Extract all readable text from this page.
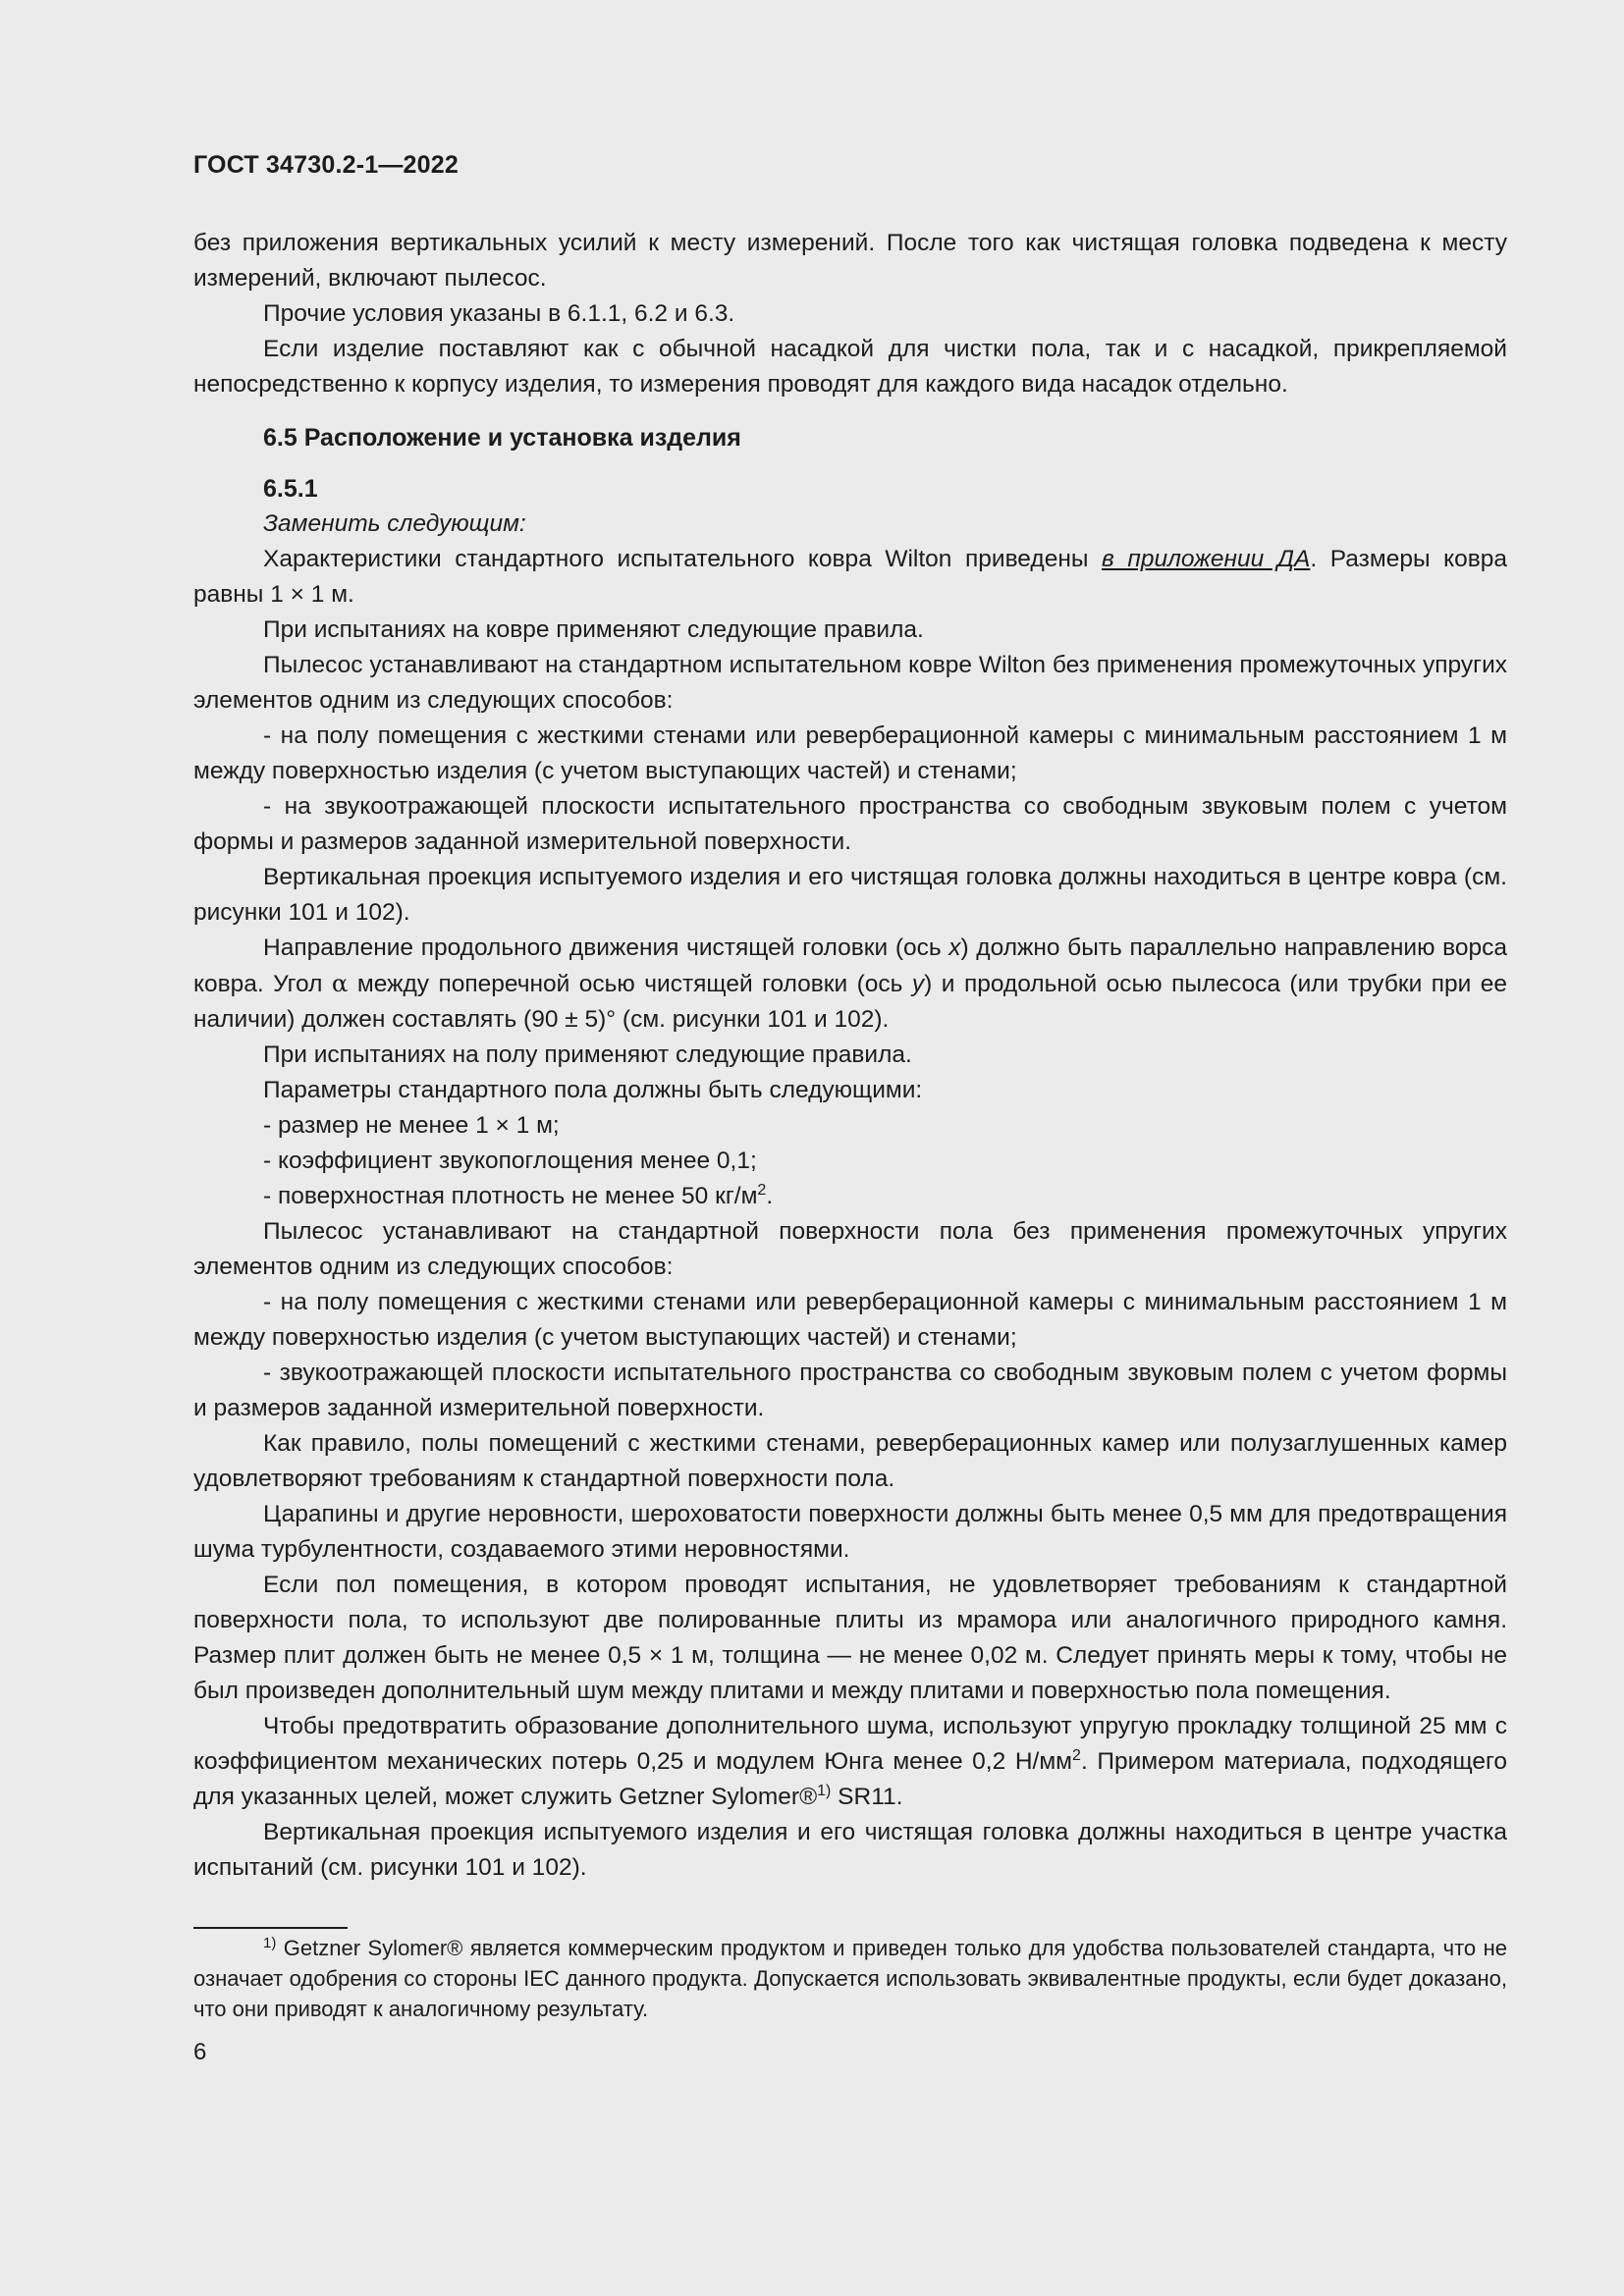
ГОСТ 34730.2-1—2022

без приложения вертикальных усилий к месту измерений. После того как чистящая головка подведена к месту измерений, включают пылесос.

Прочие условия указаны в 6.1.1, 6.2 и 6.3.

Если изделие поставляют как с обычной насадкой для чистки пола, так и с насадкой, прикрепляемой непосредственно к корпусу изделия, то измерения проводят для каждого вида насадок отдельно.

6.5 Расположение и установка изделия
6.5.1

Заменить следующим:

Характеристики стандартного испытательного ковра Wilton приведены в приложении ДА. Размеры ковра равны 1 × 1 м.

При испытаниях на ковре применяют следующие правила.

Пылесос устанавливают на стандартном испытательном ковре Wilton без применения промежуточных упругих элементов одним из следующих способов:

- на полу помещения с жесткими стенами или реверберационной камеры с минимальным расстоянием 1 м между поверхностью изделия (с учетом выступающих частей) и стенами;

- на звукоотражающей плоскости испытательного пространства со свободным звуковым полем с учетом формы и размеров заданной измерительной поверхности.

Вертикальная проекция испытуемого изделия и его чистящая головка должны находиться в центре ковра (см. рисунки 101 и 102).

Направление продольного движения чистящей головки (ось x) должно быть параллельно направлению ворса ковра. Угол α между поперечной осью чистящей головки (ось y) и продольной осью пылесоса (или трубки при ее наличии) должен составлять (90 ± 5)° (см. рисунки 101 и 102).

При испытаниях на полу применяют следующие правила.

Параметры стандартного пола должны быть следующими:

- размер не менее 1 × 1 м;

- коэффициент звукопоглощения менее 0,1;

- поверхностная плотность не менее 50 $кг/м^2$.

Пылесос устанавливают на стандартной поверхности пола без применения промежуточных упругих элементов одним из следующих способов:

- на полу помещения с жесткими стенами или реверберационной камеры с минимальным расстоянием 1 м между поверхностью изделия (с учетом выступающих частей) и стенами;

- звукоотражающей плоскости испытательного пространства со свободным звуковым полем с учетом формы и размеров заданной измерительной поверхности.

Как правило, полы помещений с жесткими стенами, реверберационных камер или полузаглушенных камер удовлетворяют требованиям к стандартной поверхности пола.

Царапины и другие неровности, шероховатости поверхности должны быть менее 0,5 мм для предотвращения шума турбулентности, создаваемого этими неровностями.

Если пол помещения, в котором проводят испытания, не удовлетворяет требованиям к стандартной поверхности пола, то используют две полированные плиты из мрамора или аналогичного природного камня. Размер плит должен быть не менее 0,5 × 1 м, толщина — не менее 0,02 м. Следует принять меры к тому, чтобы не был произведен дополнительный шум между плитами и между плитами и поверхностью пола помещения.

Чтобы предотвратить образование дополнительного шума, используют упругую прокладку толщиной 25 мм с коэффициентом механических потерь 0,25 и модулем Юнга менее 0,2 $Н/мм^2$. Примером материала, подходящего для указанных целей, может служить Getzner Sylomer®$^{1)}$ SR11.

Вертикальная проекция испытуемого изделия и его чистящая головка должны находиться в центре участка испытаний (см. рисунки 101 и 102).

$^{1)}$ Getzner Sylomer® является коммерческим продуктом и приведен только для удобства пользователей стандарта, что не означает одобрения со стороны IEC данного продукта. Допускается использовать эквивалентные продукты, если будет доказано, что они приводят к аналогичному результату.

6
